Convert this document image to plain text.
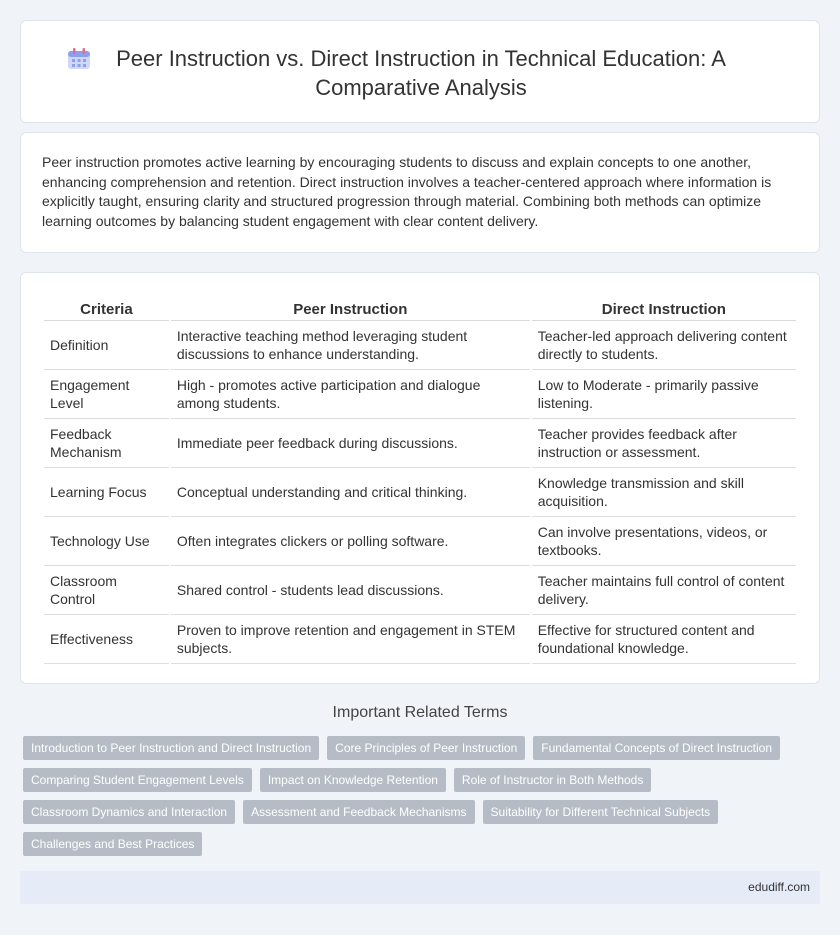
Peer Instruction vs. Direct Instruction in Technical Education: A Comparative Analysis

Peer instruction promotes active learning by encouraging students to discuss and explain concepts to one another, enhancing comprehension and retention. Direct instruction involves a teacher-centered approach where information is explicitly taught, ensuring clarity and structured progression through material. Combining both methods can optimize learning outcomes by balancing student engagement with clear content delivery.

Criteria	Peer Instruction	Direct Instruction
Definition	Interactive teaching method leveraging student discussions to enhance understanding.	Teacher-led approach delivering content directly to students.
Engagement Level	High - promotes active participation and dialogue among students.	Low to Moderate - primarily passive listening.
Feedback Mechanism	Immediate peer feedback during discussions.	Teacher provides feedback after instruction or assessment.
Learning Focus	Conceptual understanding and critical thinking.	Knowledge transmission and skill acquisition.
Technology Use	Often integrates clickers or polling software.	Can involve presentations, videos, or textbooks.
Classroom Control	Shared control - students lead discussions.	Teacher maintains full control of content delivery.
Effectiveness	Proven to improve retention and engagement in STEM subjects.	Effective for structured content and foundational knowledge.
Important Related Terms
Introduction to Peer Instruction and Direct Instruction	Core Principles of Peer Instruction	Fundamental Concepts of Direct Instruction
Comparing Student Engagement Levels	Impact on Knowledge Retention	Role of Instructor in Both Methods
Classroom Dynamics and Interaction	Assessment and Feedback Mechanisms	Suitability for Different Technical Subjects
Challenges and Best Practices
edudiff.com
